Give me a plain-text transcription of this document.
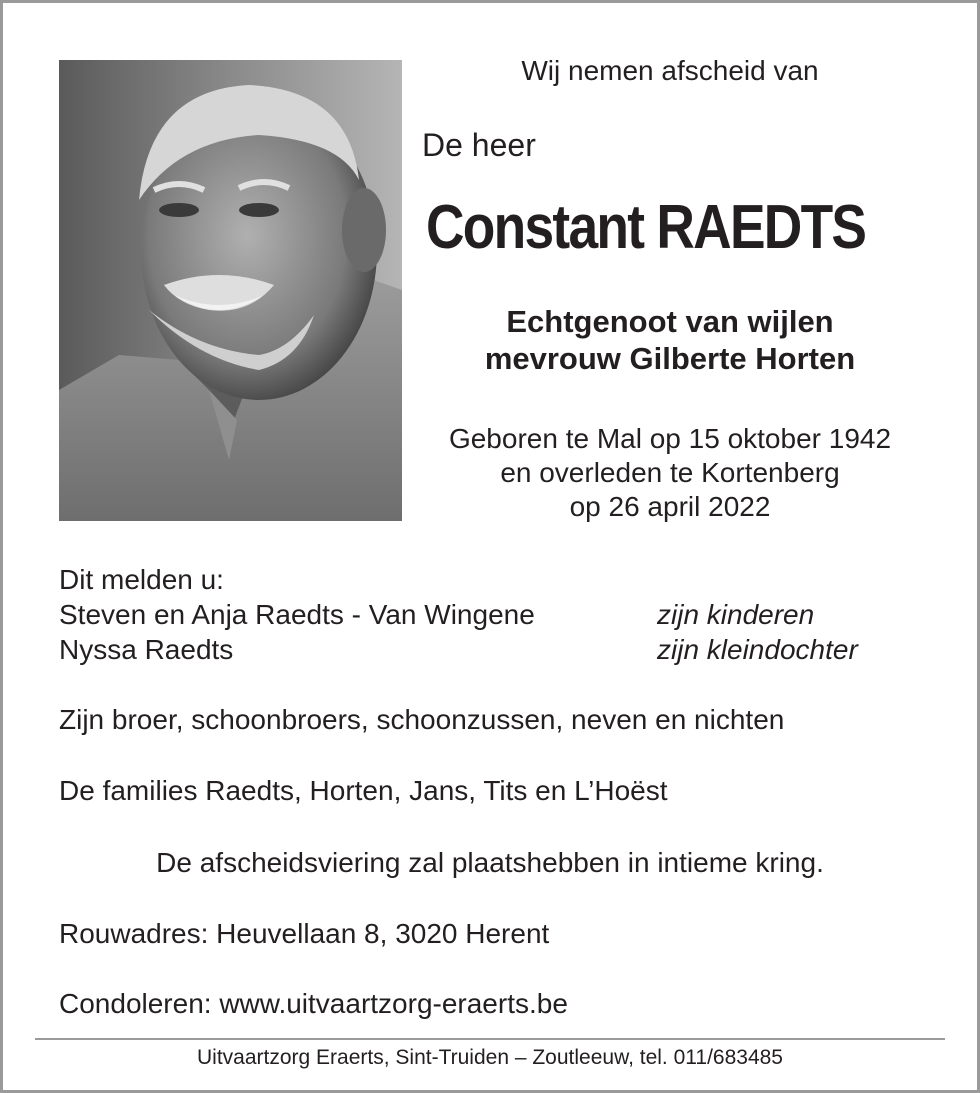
Wij nemen afscheid van
De heer
Constant RAEDTS
Echtgenoot van wijlen
mevrouw Gilberte Horten
Geboren te Mal op 15 oktober 1942
en overleden te Kortenberg
op 26 april 2022
Dit melden u:
Steven en Anja Raedts - Van Wingene	zijn kinderen
Nyssa Raedts	zijn kleindochter
Zijn broer, schoonbroers, schoonzussen, neven en nichten
De families Raedts, Horten, Jans, Tits en L’Hoëst
De afscheidsviering zal plaatshebben in intieme kring.
Rouwadres: Heuvellaan 8, 3020 Herent
Condoleren: www.uitvaartzorg-eraerts.be
Uitvaartzorg Eraerts, Sint-Truiden – Zoutleeuw, tel. 011/683485
